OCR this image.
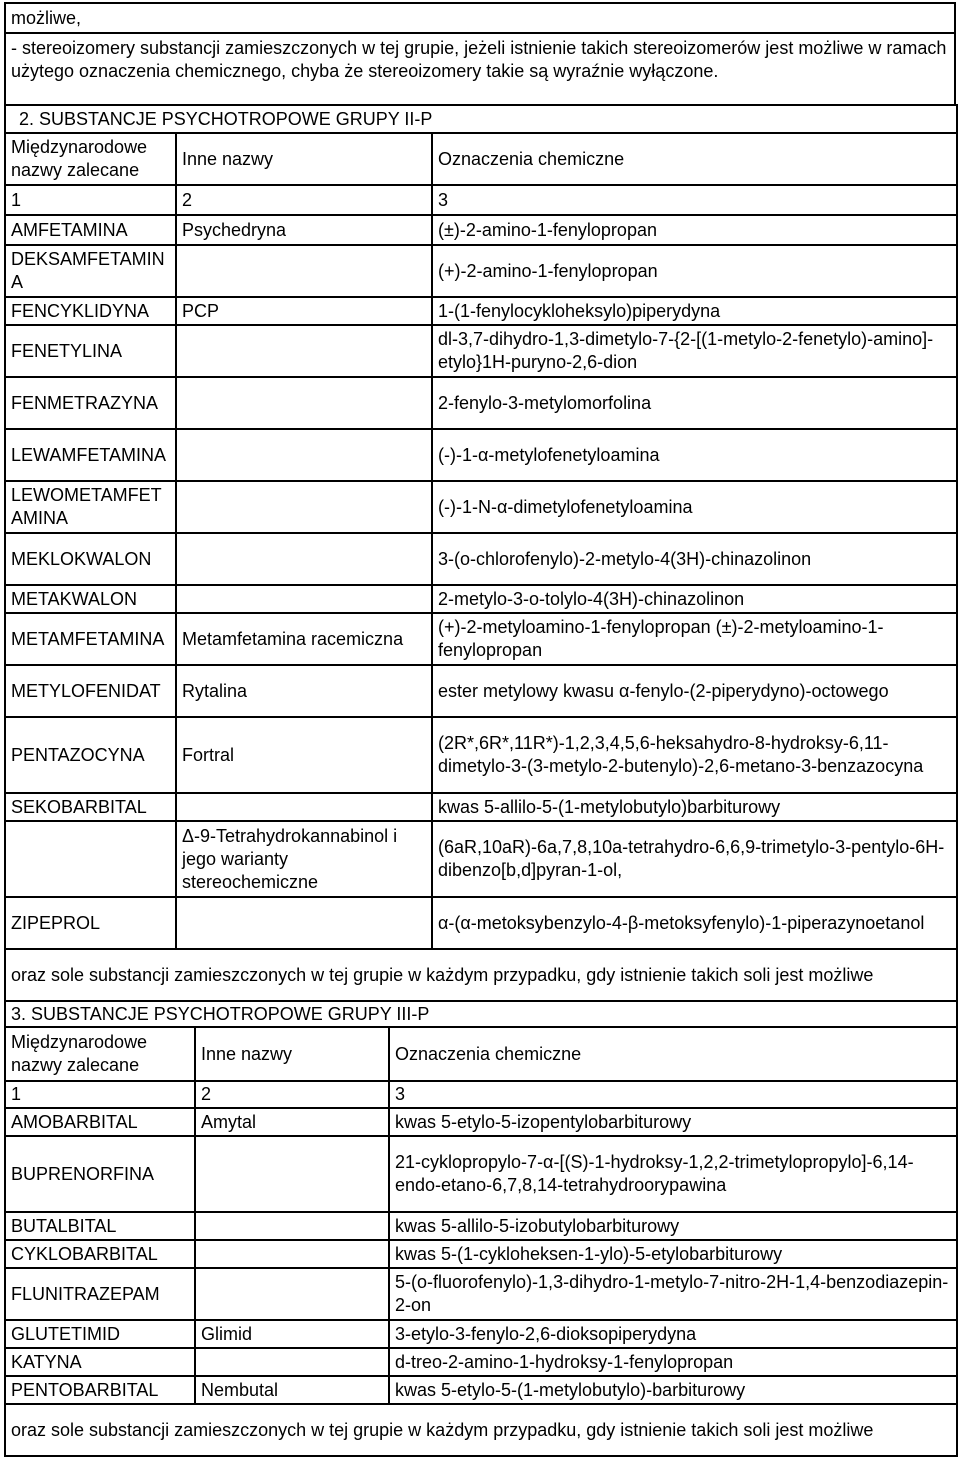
możliwe,
- stereoizomery substancji zamieszczonych w tej grupie, jeżeli istnienie takich stereoizomerów jest możliwe w ramach użytego oznaczenia chemicznego, chyba że stereoizomery takie są wyraźnie wyłączone.
2. SUBSTANCJE PSYCHOTROPOWE GRUPY II-P		
Międzynarodowe nazwy zalecane	Inne nazwy	Oznaczenia chemiczne
1	2	3
AMFETAMINA	Psychedryna	(±)-2-amino-1-fenylopropan
DEKSAMFETAMINA		(+)-2-amino-1-fenylopropan
FENCYKLIDYNA	PCP	1-(1-fenylocykloheksylo)piperydyna
FENETYLINA		dl-3,7-dihydro-1,3-dimetylo-7-{2-[(1-metylo-2-fenetylo)-amino]-etylo}1H-puryno-2,6-dion
FENMETRAZYNA		2-fenylo-3-metylomorfolina
LEWAMFETAMINA		(-)-1-α-metylofenetyloamina
LEWOMETAMFETAMINA		(-)-1-N-α-dimetylofenetyloamina
MEKLOKWALON		3-(o-chlorofenylo)-2-metylo-4(3H)-chinazolinon
METAKWALON		2-metylo-3-o-tolylo-4(3H)-chinazolinon
METAMFETAMINA	Metamfetamina racemiczna	(+)-2-metyloamino-1-fenylopropan (±)-2-metyloamino-1-fenylopropan
METYLOFENIDAT	Rytalina	ester metylowy kwasu α-fenylo-(2-piperydyno)-octowego
PENTAZOCYNA	Fortral	(2R*,6R*,11R*)-1,2,3,4,5,6-heksahydro-8-hydroksy-6,11-dimetylo-3-(3-metylo-2-butenylo)-2,6-metano-3-benzazocyna
SEKOBARBITAL		kwas 5-allilo-5-(1-metylobutylo)barbiturowy
	Δ-9-Tetrahydrokannabinol i jego warianty stereochemiczne	(6aR,10aR)-6a,7,8,10a-tetrahydro-6,6,9-trimetylo-3-pentylo-6H-dibenzo[b,d]pyran-1-ol,
ZIPEPROL		α-(α-metoksybenzylo-4-β-metoksyfenylo)-1-piperazynoetanol
oraz sole substancji zamieszczonych w tej grupie w każdym przypadku, gdy istnienie takich soli jest możliwe		
3. SUBSTANCJE PSYCHOTROPOWE GRUPY III-P		
Międzynarodowe nazwy zalecane	Inne nazwy	Oznaczenia chemiczne
1	2	3
AMOBARBITAL	Amytal	kwas 5-etylo-5-izopentylobarbiturowy
BUPRENORFINA		21-cyklopropylo-7-α-[(S)-1-hydroksy-1,2,2-trimetylopropylo]-6,14-endo-etano-6,7,8,14-tetrahydroorypawina
BUTALBITAL		kwas 5-allilo-5-izobutylobarbiturowy
CYKLOBARBITAL		kwas 5-(1-cykloheksen-1-ylo)-5-etylobarbiturowy
FLUNITRAZEPAM		5-(o-fluorofenylo)-1,3-dihydro-1-metylo-7-nitro-2H-1,4-benzodiazepin-2-on
GLUTETIMID	Glimid	3-etylo-3-fenylo-2,6-dioksopiperydyna
KATYNA		d-treo-2-amino-1-hydroksy-1-fenylopropan
PENTOBARBITAL	Nembutal	kwas 5-etylo-5-(1-metylobutylo)-barbiturowy
oraz sole substancji zamieszczonych w tej grupie w każdym przypadku, gdy istnienie takich soli jest możliwe		
